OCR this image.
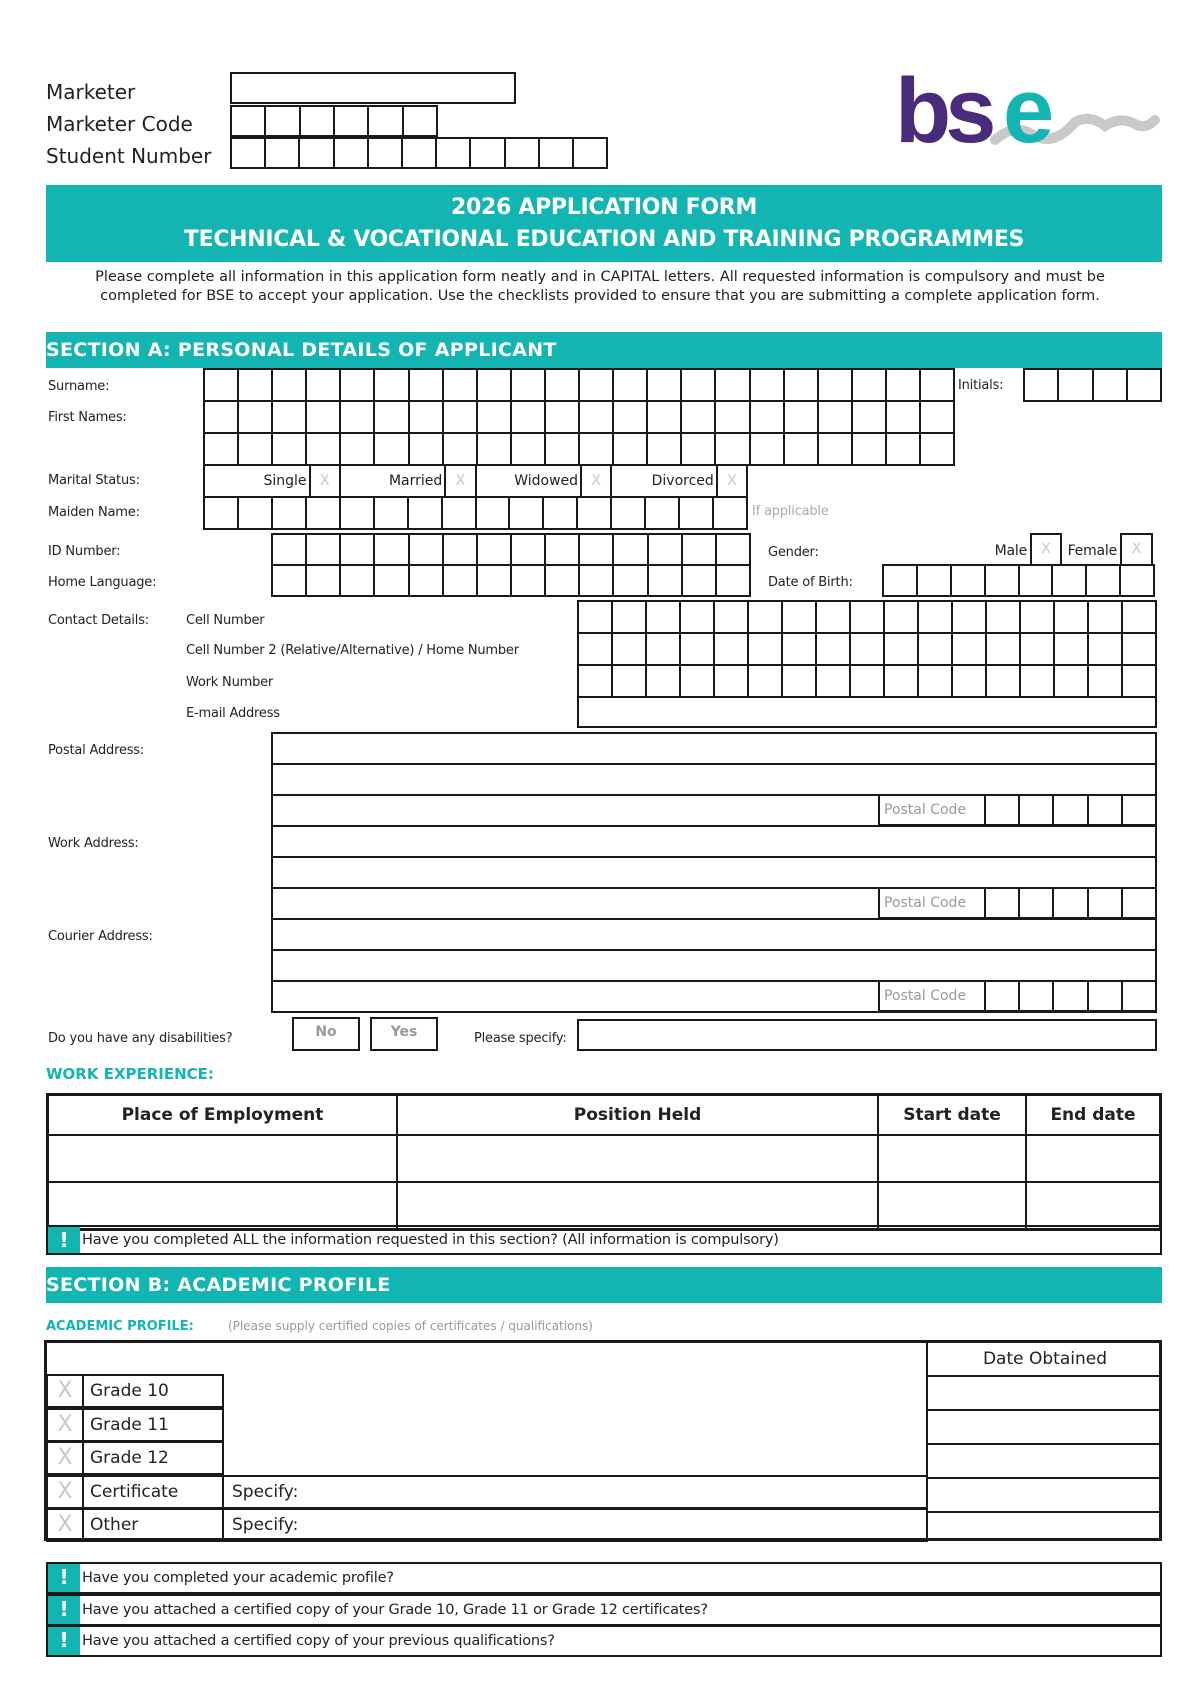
Marketer
Marketer Code
Student Number	bs e
2026 APPLICATION FORM
TECHNICAL & VOCATIONAL EDUCATION AND TRAINING PROGRAMMES
Please complete all information in this application form neatly and in CAPITAL letters. All requested information is compulsory and must be completed for BSE to accept your application. Use the checklists provided to ensure that you are submitting a complete application form.
SECTION A: PERSONAL DETAILS OF APPLICANT
Surname:
First Names:
Initials:
Marital Status:	Single X	Married X	Widowed X	Divorced X
Maiden Name:	If applicable
ID Number:
Home Language:
Gender:	Male	X	Female	X
Date of Birth:
Contact Details:	Cell Number
Cell Number 2 (Relative/Alternative) / Home Number
Work Number
E-mail Address
Postal Address:
Work Address:
Courier Address:
Postal Code
Postal Code
Postal Code
Do you have any disabilities?	No	Yes	Please specify:
WORK EXPERIENCE:
Place of Employment	Position Held	Start date	End date

! Have you completed ALL the information requested in this section? (All information is compulsory)
SECTION B: ACADEMIC PROFILE
ACADEMIC PROFILE:	(Please supply certified copies of certificates / qualifications)
Date Obtained
X	Grade 10
X	Grade 11
X	Grade 12
X	Certificate	Specify:
X	Other	Specify:
! Have you completed your academic profile?
! Have you attached a certified copy of your Grade 10, Grade 11 or Grade 12 certificates?
! Have you attached a certified copy of your previous qualifications?
